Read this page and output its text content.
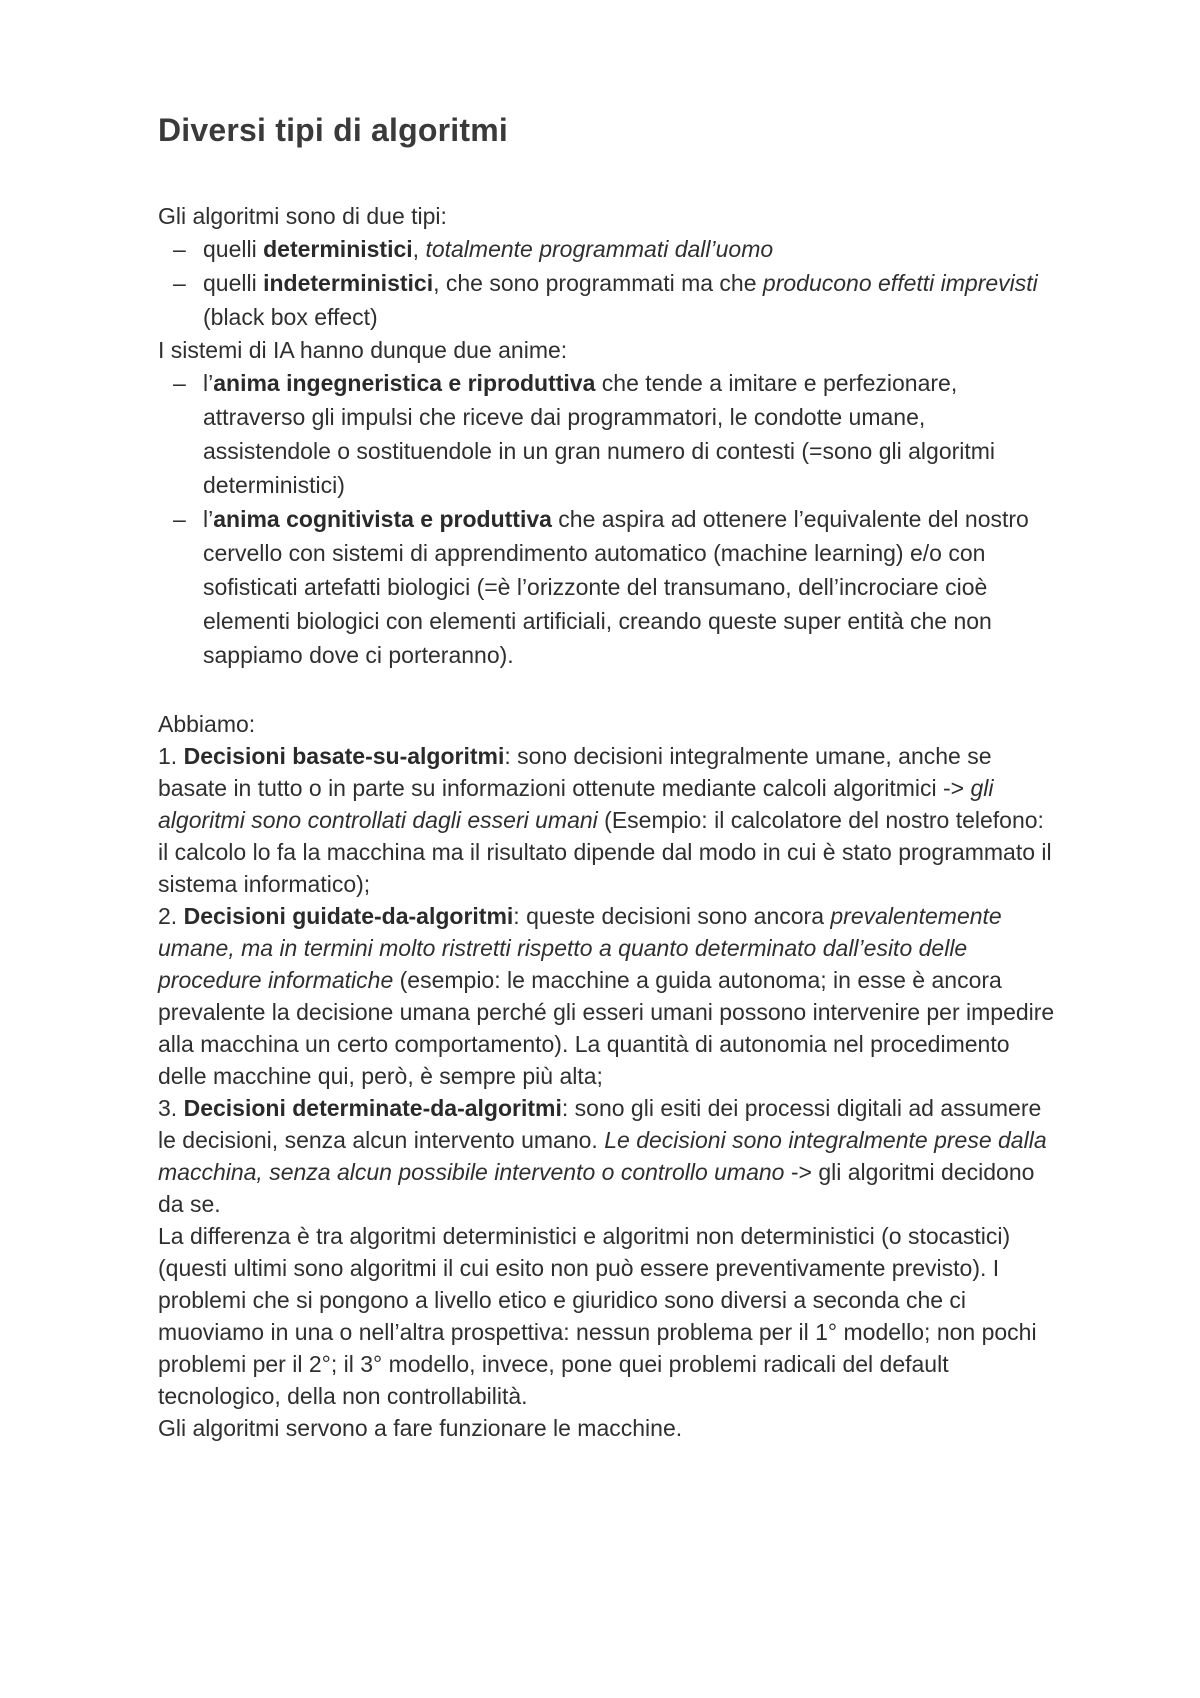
Diversi tipi di algoritmi
Gli algoritmi sono di due tipi:
– quelli deterministici, totalmente programmati dall’uomo
– quelli indeterministici, che sono programmati ma che producono effetti imprevisti (black box effect)
I sistemi di IA hanno dunque due anime:
– l’anima ingegneristica e riproduttiva che tende a imitare e perfezionare, attraverso gli impulsi che riceve dai programmatori, le condotte umane, assistendole o sostituendole in un gran numero di contesti (=sono gli algoritmi deterministici)
– l’anima cognitivista e produttiva che aspira ad ottenere l’equivalente del nostro cervello con sistemi di apprendimento automatico (machine learning) e/o con sofisticati artefatti biologici (=è l’orizzonte del transumano, dell’incrociare cioè elementi biologici con elementi artificiali, creando queste super entità che non sappiamo dove ci porteranno).
Abbiamo:
1. Decisioni basate-su-algoritmi: sono decisioni integralmente umane, anche se basate in tutto o in parte su informazioni ottenute mediante calcoli algoritmici -> gli algoritmi sono controllati dagli esseri umani (Esempio: il calcolatore del nostro telefono: il calcolo lo fa la macchina ma il risultato dipende dal modo in cui è stato programmato il sistema informatico);
2. Decisioni guidate-da-algoritmi: queste decisioni sono ancora prevalentemente umane, ma in termini molto ristretti rispetto a quanto determinato dall’esito delle procedure informatiche (esempio: le macchine a guida autonoma; in esse è ancora prevalente la decisione umana perché gli esseri umani possono intervenire per impedire alla macchina un certo comportamento). La quantità di autonomia nel procedimento delle macchine qui, però, è sempre più alta;
3. Decisioni determinate-da-algoritmi: sono gli esiti dei processi digitali ad assumere le decisioni, senza alcun intervento umano. Le decisioni sono integralmente prese dalla macchina, senza alcun possibile intervento o controllo umano -> gli algoritmi decidono da se.
La differenza è tra algoritmi deterministici e algoritmi non deterministici (o stocastici) (questi ultimi sono algoritmi il cui esito non può essere preventivamente previsto). I problemi che si pongono a livello etico e giuridico sono diversi a seconda che ci muoviamo in una o nell’altra prospettiva: nessun problema per il 1° modello; non pochi problemi per il 2°; il 3° modello, invece, pone quei problemi radicali del default tecnologico, della non controllabilità.
Gli algoritmi servono a fare funzionare le macchine.
